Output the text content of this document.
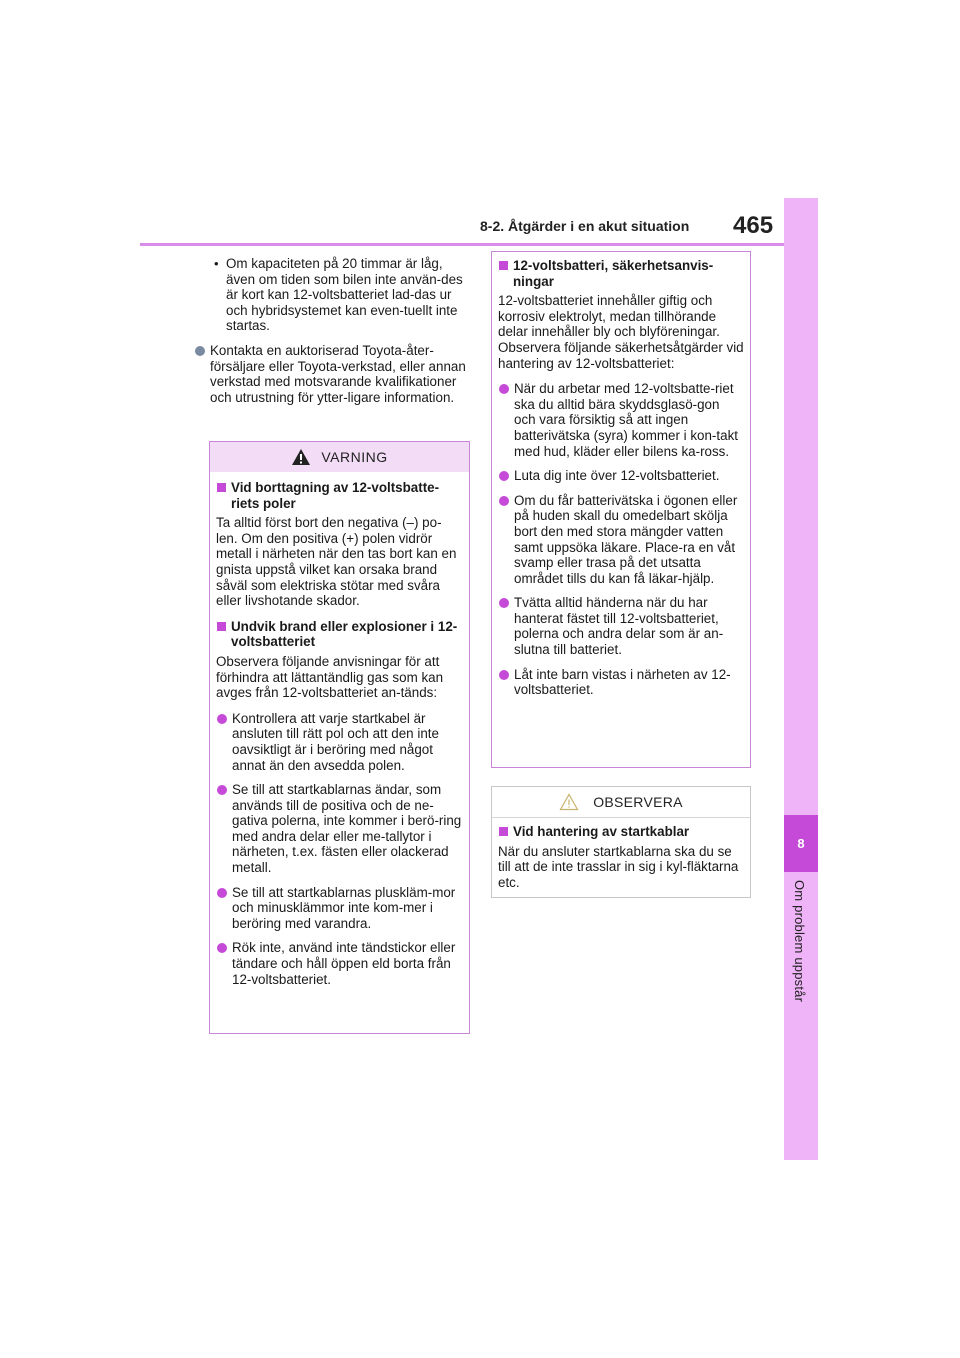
8-2. Åtgärder i en akut situation 465
8
Om problem uppstår
• Om kapaciteten på 20 timmar är låg, även om tiden som bilen inte använ-des är kort kan 12-voltsbatteriet lad-das ur och hybridsystemet kan even-tuellt inte startas.
Kontakta en auktoriserad Toyota-åter-försäljare eller Toyota-verkstad, eller annan verkstad med motsvarande kvalifikationer och utrustning för ytter-ligare information.
VARNING
Vid borttagning av 12-voltsbatte-riets poler

Ta alltid först bort den negativa (–) po-len. Om den positiva (+) polen vidrör metall i närheten när den tas bort kan en gnista uppstå vilket kan orsaka brand såväl som elektriska stötar med svåra eller livshotande skador.

Undvik brand eller explosioner i 12-voltsbatteriet

Observera följande anvisningar för att förhindra att lättantändlig gas som kan avges från 12-voltsbatteriet an-tänds:

Kontrollera att varje startkabel är ansluten till rätt pol och att den inte oavsiktligt är i beröring med något annat än den avsedda polen.
Se till att startkablarnas ändar, som används till de positiva och de ne-gativa polerna, inte kommer i berö-ring med andra delar eller me-tallytor i närheten, t.ex. fästen eller olackerad metall.
Se till att startkablarnas pluskläm-mor och minusklämmor inte kom-mer i beröring med varandra.
Rök inte, använd inte tändstickor eller tändare och håll öppen eld borta från 12-voltsbatteriet.
12-voltsbatteri, säkerhetsanvis-ningar

12-voltsbatteriet innehåller giftig och korrosiv elektrolyt, medan tillhörande delar innehåller bly och blyföreningar. Observera följande säkerhetsåtgärder vid hantering av 12-voltsbatteriet:

När du arbetar med 12-voltsbatte-riet ska du alltid bära skyddsglasö-gon och vara försiktig så att ingen batterivätska (syra) kommer i kon-takt med hud, kläder eller bilens ka-ross.
Luta dig inte över 12-voltsbatteriet.
Om du får batterivätska i ögonen eller på huden skall du omedelbart skölja bort den med stora mängder vatten samt uppsöka läkare. Place-ra en våt svamp eller trasa på det utsatta området tills du kan få läkar-hjälp.
Tvätta alltid händerna när du har hanterat fästet till 12-voltsbatteriet, polerna och andra delar som är an-slutna till batteriet.
Låt inte barn vistas i närheten av 12-voltsbatteriet.
OBSERVERA
Vid hantering av startkablar

När du ansluter startkablarna ska du se till att de inte trasslar in sig i kyl-fläktarna etc.
